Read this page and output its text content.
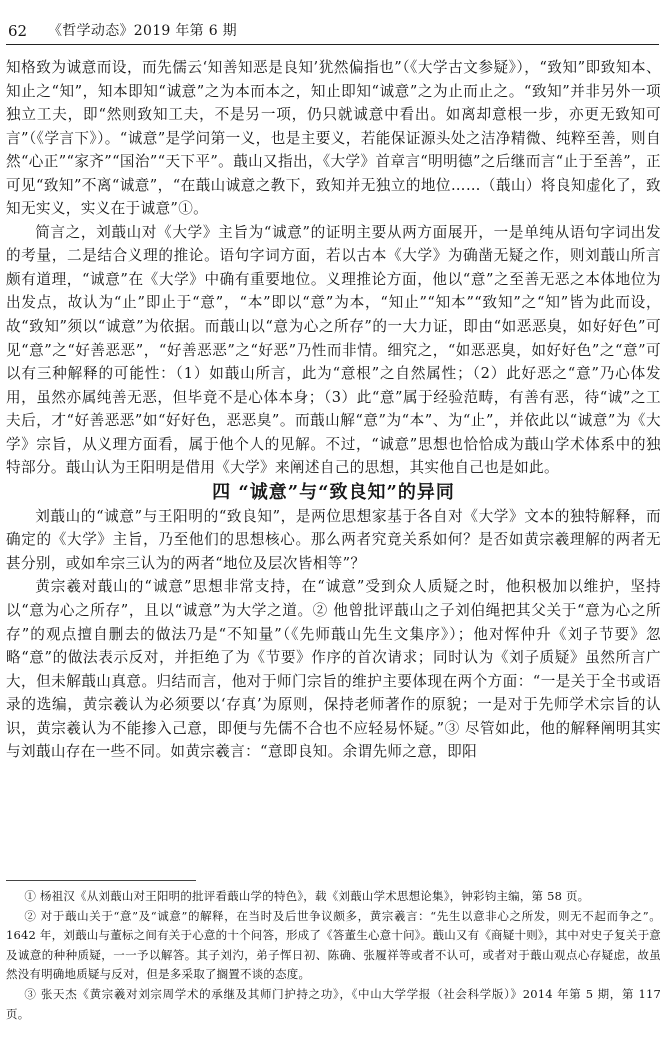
62 《哲学动态》2019 年第 6 期

知格致为诚意而设，而先儒云‘知善知恶是良知’犹然偏指也”（《大学古文参疑》），“致知”即致知本、知止之“知”，知本即知“诚意”之为本而本之，知止即知“诚意”之为止而止之。“致知”并非另外一项独立工夫，即“然则致知工夫，不是另一项，仍只就诚意中看出。如离却意根一步，亦更无致知可言”（《学言下》）。“诚意”是学问第一义，也是主要义，若能保证源头处之洁净精微、纯粹至善，则自然“心正”“家齐”“国治”“天下平”。蕺山又指出，《大学》首章言“明明德”之后继而言“止于至善”，正可见“致知”不离“诚意”，“在蕺山诚意之教下，致知并无独立的地位……（蕺山）将良知虚化了，致知无实义，实义在于诚意”①。

简言之，刘蕺山对《大学》主旨为“诚意”的证明主要从两方面展开，一是单纯从语句字词出发的考量，二是结合义理的推论。语句字词方面，若以古本《大学》为确凿无疑之作，则刘蕺山所言颇有道理，“诚意”在《大学》中确有重要地位。义理推论方面，他以“意”之至善无恶之本体地位为出发点，故认为“止”即止于“意”，“本”即以“意”为本，“知止”“知本”“致知”之“知”皆为此而设，故“致知”须以“诚意”为依据。而蕺山以“意为心之所存”的一大力证，即由“如恶恶臭，如好好色”可见“意”之“好善恶恶”，“好善恶恶”之“好恶”乃性而非情。细究之，“如恶恶臭，如好好色”之“意”可以有三种解释的可能性：（1）如蕺山所言，此为“意根”之自然属性；（2）此好恶之“意”乃心体发用，虽然亦属纯善无恶，但毕竟不是心体本身；（3）此“意”属于经验范畴，有善有恶，待“诚”之工夫后，才“好善恶恶”如“好好色，恶恶臭”。而蕺山解“意”为“本”、为“止”，并依此以“诚意”为《大学》宗旨，从义理方面看，属于他个人的见解。不过，“诚意”思想也恰恰成为蕺山学术体系中的独特部分。蕺山认为王阳明是借用《大学》来阐述自己的思想，其实他自己也是如此。

四 “诚意”与“致良知”的异同

刘蕺山的“诚意”与王阳明的“致良知”，是两位思想家基于各自对《大学》文本的独特解释，而确定的《大学》主旨，乃至他们的思想核心。那么两者究竟关系如何？是否如黄宗羲理解的两者无甚分别，或如牟宗三认为的两者“地位及层次皆相等”？

黄宗羲对蕺山的“诚意”思想非常支持，在“诚意”受到众人质疑之时，他积极加以维护，坚持以“意为心之所存”，且以“诚意”为大学之道。② 他曾批评蕺山之子刘伯绳把其父关于“意为心之所存”的观点擅自删去的做法乃是“不知量”（《先师蕺山先生文集序》）；他对恽仲升《刘子节要》忽略“意”的做法表示反对，并拒绝了为《节要》作序的首次请求；同时认为《刘子质疑》虽然所言广大，但未解蕺山真意。归结而言，他对于师门宗旨的维护主要体现在两个方面：“一是关于全书或语录的选编，黄宗羲认为必须要以‘存真’为原则，保持老师著作的原貌；一是对于先师学术宗旨的认识，黄宗羲认为不能掺入己意，即便与先儒不合也不应轻易怀疑。”③ 尽管如此，他的解释阐明其实与刘蕺山存在一些不同。如黄宗羲言：“意即良知。余谓先师之意，即阳

① 杨祖汉《从刘蕺山对王阳明的批评看蕺山学的特色》，载《刘蕺山学术思想论集》，钟彩钧主编，第 58 页。

② 对于蕺山关于“意”及“诚意”的解释，在当时及后世争议颇多，黄宗羲言：“先生以意非心之所发，则无不起而争之”。1642 年，刘蕺山与董标之间有关于心意的十个问答，形成了《答董生心意十问》。蕺山又有《商疑十则》，其中对史子复关于意及诚意的种种质疑，一一予以解答。其子刘汋，弟子恽日初、陈确、张履祥等或者不认可，或者对于蕺山观点心存疑虑，故虽然没有明确地质疑与反对，但是多采取了搁置不谈的态度。

③ 张天杰《黄宗羲对刘宗周学术的承继及其师门护持之功》，《中山大学学报（社会科学版）》2014 年第 5 期，第 117 页。
